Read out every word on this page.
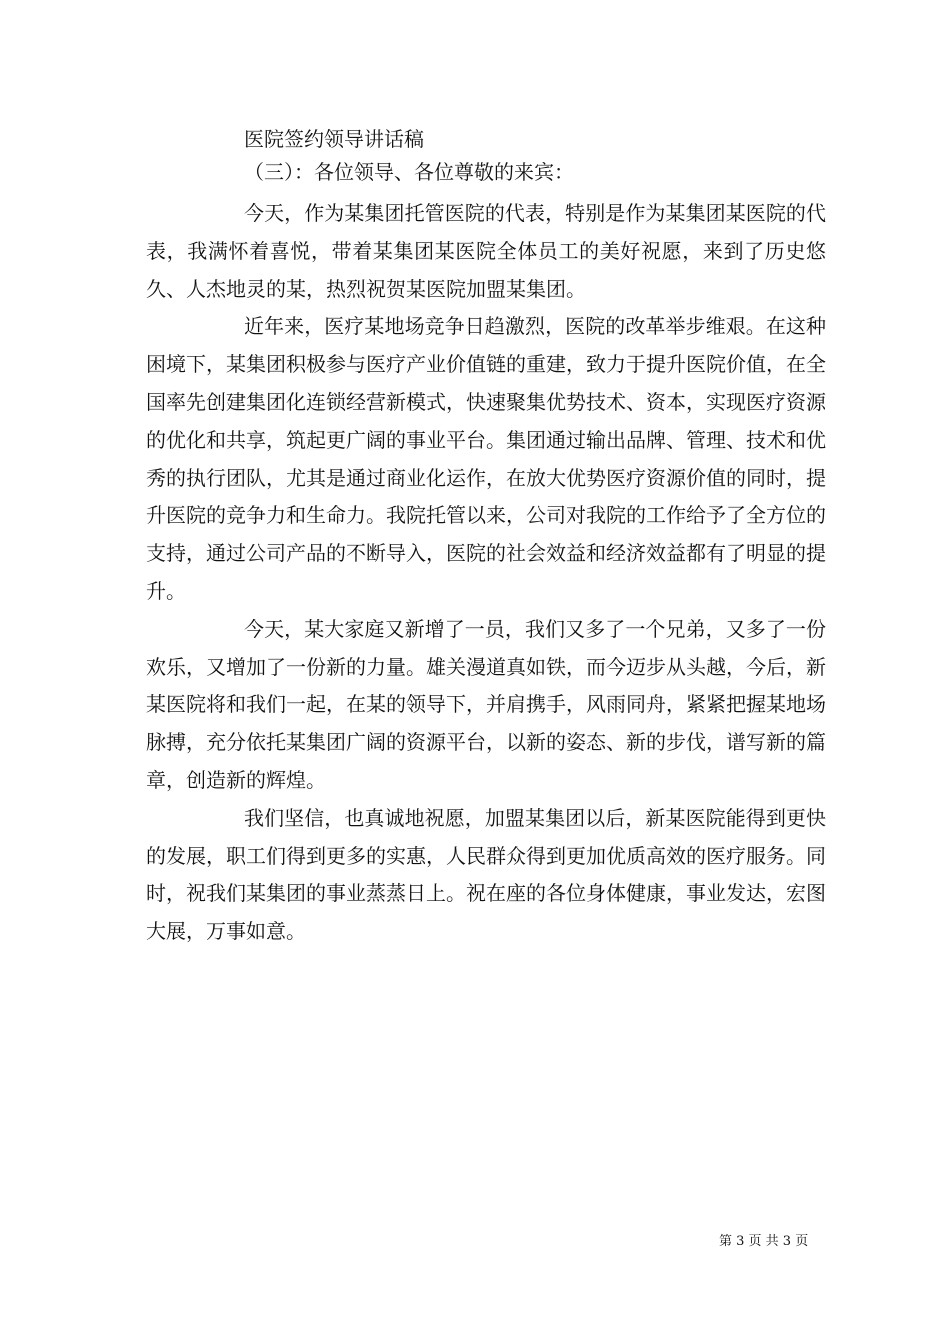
医院签约领导讲话稿
（三）：各位领导、各位尊敬的来宾：

今天，作为某集团托管医院的代表，特别是作为某集团某医院的代表，我满怀着喜悦，带着某集团某医院全体员工的美好祝愿，来到了历史悠久、人杰地灵的某，热烈祝贺某医院加盟某集团。

近年来，医疗某地场竞争日趋激烈，医院的改革举步维艰。在这种困境下，某集团积极参与医疗产业价值链的重建，致力于提升医院价值，在全国率先创建集团化连锁经营新模式，快速聚集优势技术、资本，实现医疗资源的优化和共享，筑起更广阔的事业平台。集团通过输出品牌、管理、技术和优秀的执行团队，尤其是通过商业化运作，在放大优势医疗资源价值的同时，提升医院的竞争力和生命力。我院托管以来，公司对我院的工作给予了全方位的支持，通过公司产品的不断导入，医院的社会效益和经济效益都有了明显的提升。

今天，某大家庭又新增了一员，我们又多了一个兄弟，又多了一份欢乐，又增加了一份新的力量。雄关漫道真如铁，而今迈步从头越，今后，新某医院将和我们一起，在某的领导下，并肩携手，风雨同舟，紧紧把握某地场脉搏，充分依托某集团广阔的资源平台，以新的姿态、新的步伐，谱写新的篇章，创造新的辉煌。

我们坚信，也真诚地祝愿，加盟某集团以后，新某医院能得到更快的发展，职工们得到更多的实惠，人民群众得到更加优质高效的医疗服务。同时，祝我们某集团的事业蒸蒸日上。祝在座的各位身体健康，事业发达，宏图大展，万事如意。

第 3 页 共 3 页
